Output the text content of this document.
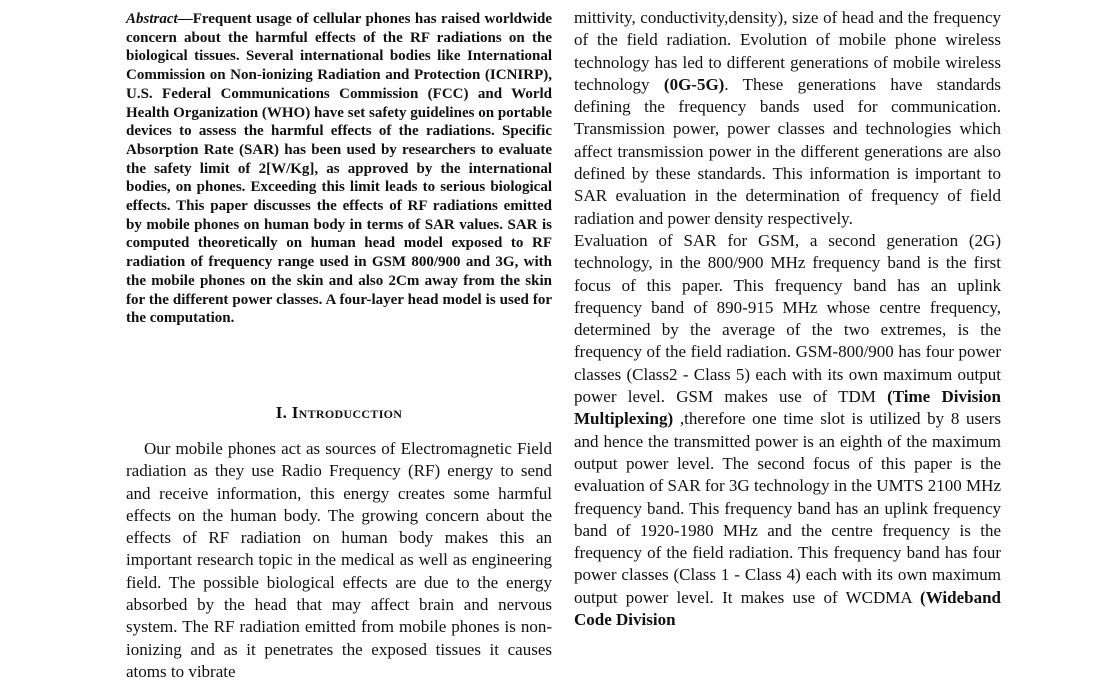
Abstract—Frequent usage of cellular phones has raised worldwide concern about the harmful effects of the RF radiations on the biological tissues. Several international bodies like International Commission on Non-ionizing Radiation and Protection (ICNIRP), U.S. Federal Communications Commission (FCC) and World Health Organization (WHO) have set safety guidelines on portable devices to assess the harmful effects of the radiations. Specific Absorption Rate (SAR) has been used by researchers to evaluate the safety limit of 2[W/Kg], as approved by the international bodies, on phones. Exceeding this limit leads to serious biological effects. This paper discusses the effects of RF radiations emitted by mobile phones on human body in terms of SAR values. SAR is computed theoretically on human head model exposed to RF radiation of frequency range used in GSM 800/900 and 3G, with the mobile phones on the skin and also 2Cm away from the skin for the different power classes. A four-layer head model is used for the computation.

I. Introducction

Our mobile phones act as sources of Electromagnetic Field radiation as they use Radio Frequency (RF) energy to send and receive information, this energy creates some harmful effects on the human body. The growing concern about the effects of RF radiation on human body makes this an important research topic in the medical as well as engineering field. The possible biological effects are due to the energy absorbed by the head that may affect brain and nervous system. The RF radiation emitted from mobile phones is non-ionizing and as it penetrates the exposed tissues it causes atoms to vibrate

mittivity, conductivity,density), size of head and the frequency of the field radiation. Evolution of mobile phone wireless technology has led to different generations of mobile wireless technology (0G-5G). These generations have standards defining the frequency bands used for communication. Transmission power, power classes and technologies which affect transmission power in the different generations are also defined by these standards. This information is important to SAR evaluation in the determination of frequency of field radiation and power density respectively.

Evaluation of SAR for GSM, a second generation (2G) technology, in the 800/900 MHz frequency band is the first focus of this paper. This frequency band has an uplink frequency band of 890-915 MHz whose centre frequency, determined by the average of the two extremes, is the frequency of the field radiation. GSM-800/900 has four power classes (Class2 - Class 5) each with its own maximum output power level. GSM makes use of TDM (Time Division Multiplexing) ,therefore one time slot is utilized by 8 users and hence the transmitted power is an eighth of the maximum output power level. The second focus of this paper is the evaluation of SAR for 3G technology in the UMTS 2100 MHz frequency band. This frequency band has an uplink frequency band of 1920-1980 MHz and the centre frequency is the frequency of the field radiation. This frequency band has four power classes (Class 1 - Class 4) each with its own maximum output power level. It makes use of WCDMA (Wideband Code Division
